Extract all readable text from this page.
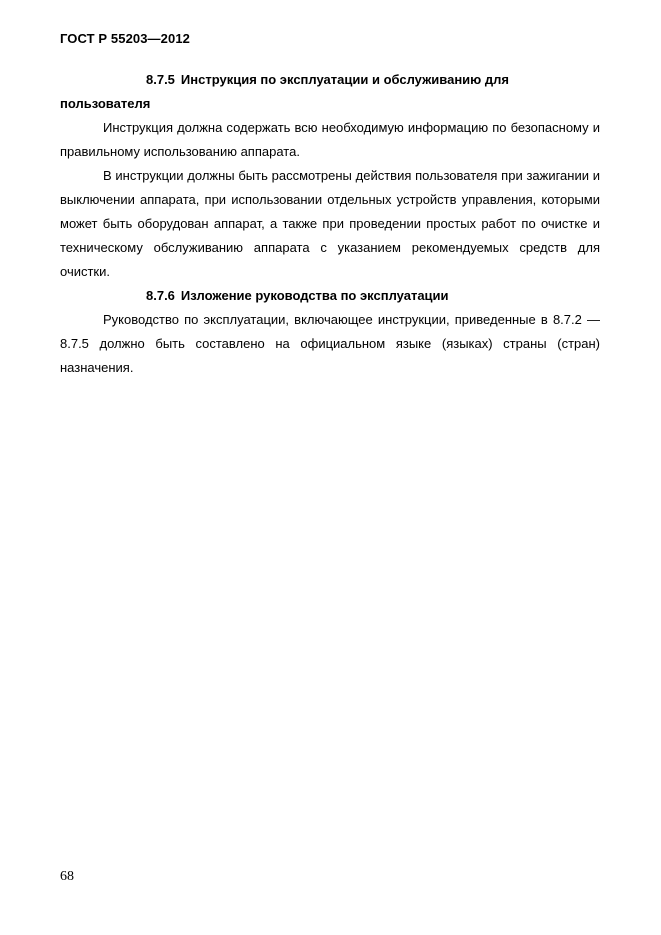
ГОСТ Р 55203—2012

8.7.5 Инструкция по эксплуатации и обслуживанию для пользователя

Инструкция должна содержать всю необходимую информацию по безопасному и правильному использованию аппарата.

В инструкции должны быть рассмотрены действия пользователя при зажигании и выключении аппарата, при использовании отдельных устройств управления, которыми может быть оборудован аппарат, а также при проведении простых работ по очистке и техническому обслуживанию аппарата с указанием рекомендуемых средств для очистки.

8.7.6 Изложение руководства по эксплуатации

Руководство по эксплуатации, включающее инструкции, приведенные в 8.7.2 — 8.7.5 должно быть составлено на официальном языке (языках) страны (стран) назначения.

68
